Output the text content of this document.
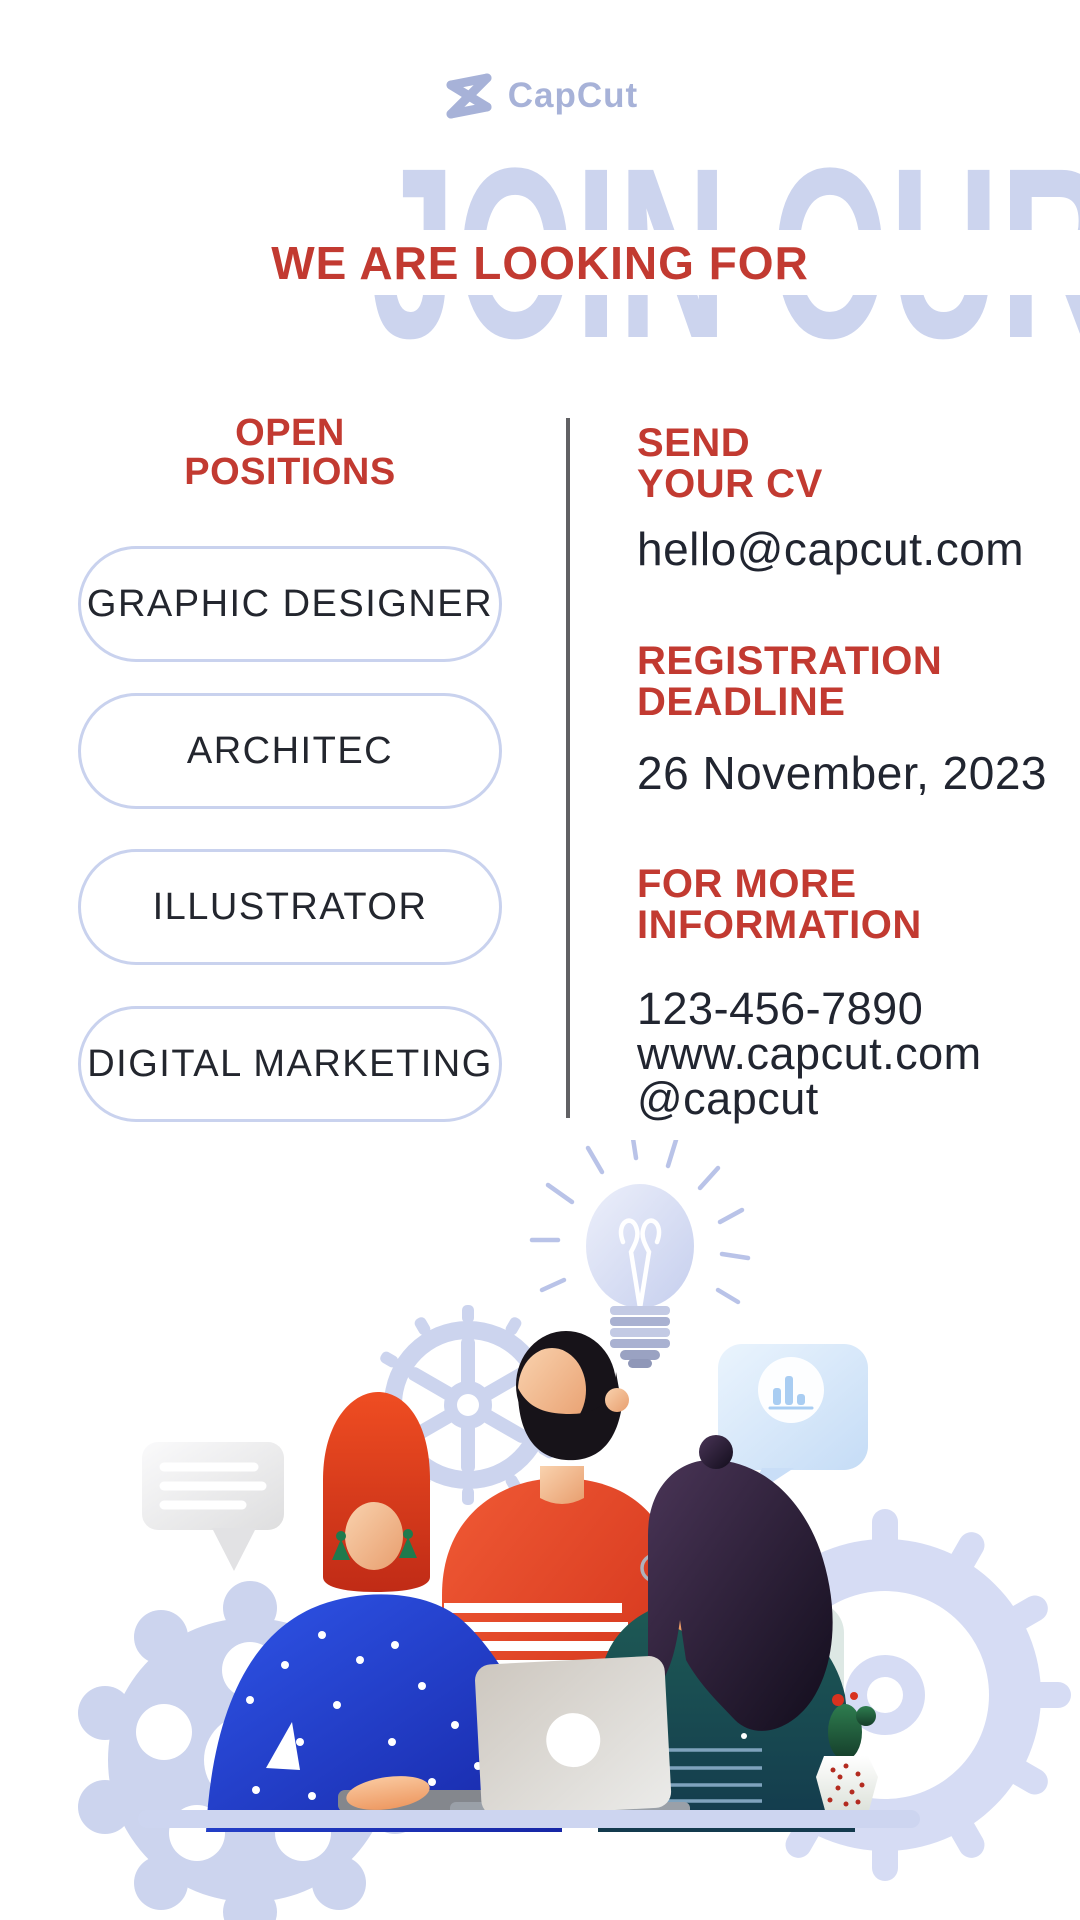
CapCut
WE ARE LOOKING FOR
OPEN
POSITIONS
GRAPHIC DESIGNER
ARCHITEC
ILLUSTRATOR
DIGITAL MARKETING
SEND
YOUR CV
hello@capcut.com
REGISTRATION
DEADLINE
26 November, 2023
FOR MORE
INFORMATION
123-456-7890
www.capcut.com
@capcut
